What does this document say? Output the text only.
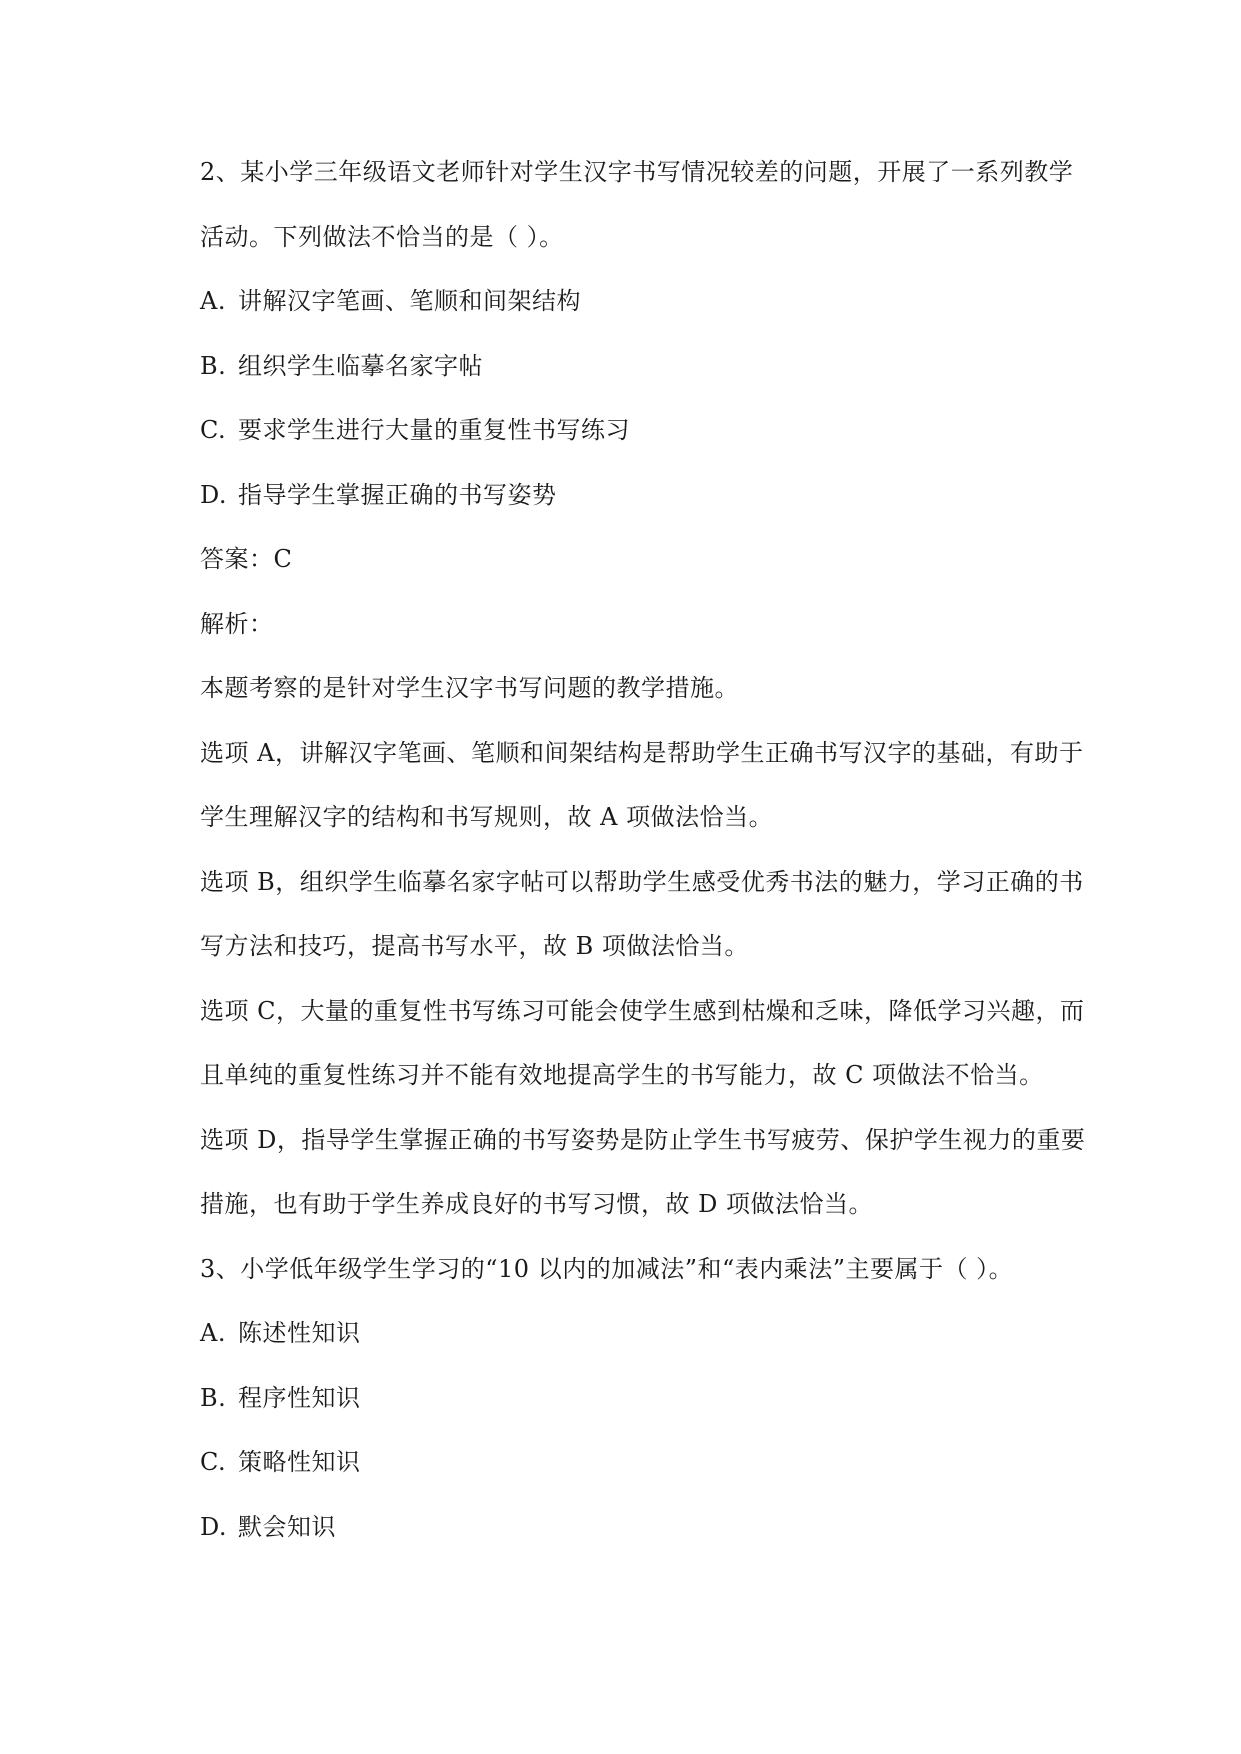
2、某小学三年级语文老师针对学生汉字书写情况较差的问题，开展了一系列教学
活动。下列做法不恰当的是（ ）。
A. 讲解汉字笔画、笔顺和间架结构
B. 组织学生临摹名家字帖
C. 要求学生进行大量的重复性书写练习
D. 指导学生掌握正确的书写姿势
答案：C
解析：
本题考察的是针对学生汉字书写问题的教学措施。
选项 A，讲解汉字笔画、笔顺和间架结构是帮助学生正确书写汉字的基础，有助于
学生理解汉字的结构和书写规则，故 A 项做法恰当。
选项 B，组织学生临摹名家字帖可以帮助学生感受优秀书法的魅力，学习正确的书
写方法和技巧，提高书写水平，故 B 项做法恰当。
选项 C，大量的重复性书写练习可能会使学生感到枯燥和乏味，降低学习兴趣，而
且单纯的重复性练习并不能有效地提高学生的书写能力，故 C 项做法不恰当。
选项 D，指导学生掌握正确的书写姿势是防止学生书写疲劳、保护学生视力的重要
措施，也有助于学生养成良好的书写习惯，故 D 项做法恰当。
3、小学低年级学生学习的“10 以内的加减法”和“表内乘法”主要属于（ ）。
A. 陈述性知识
B. 程序性知识
C. 策略性知识
D. 默会知识
